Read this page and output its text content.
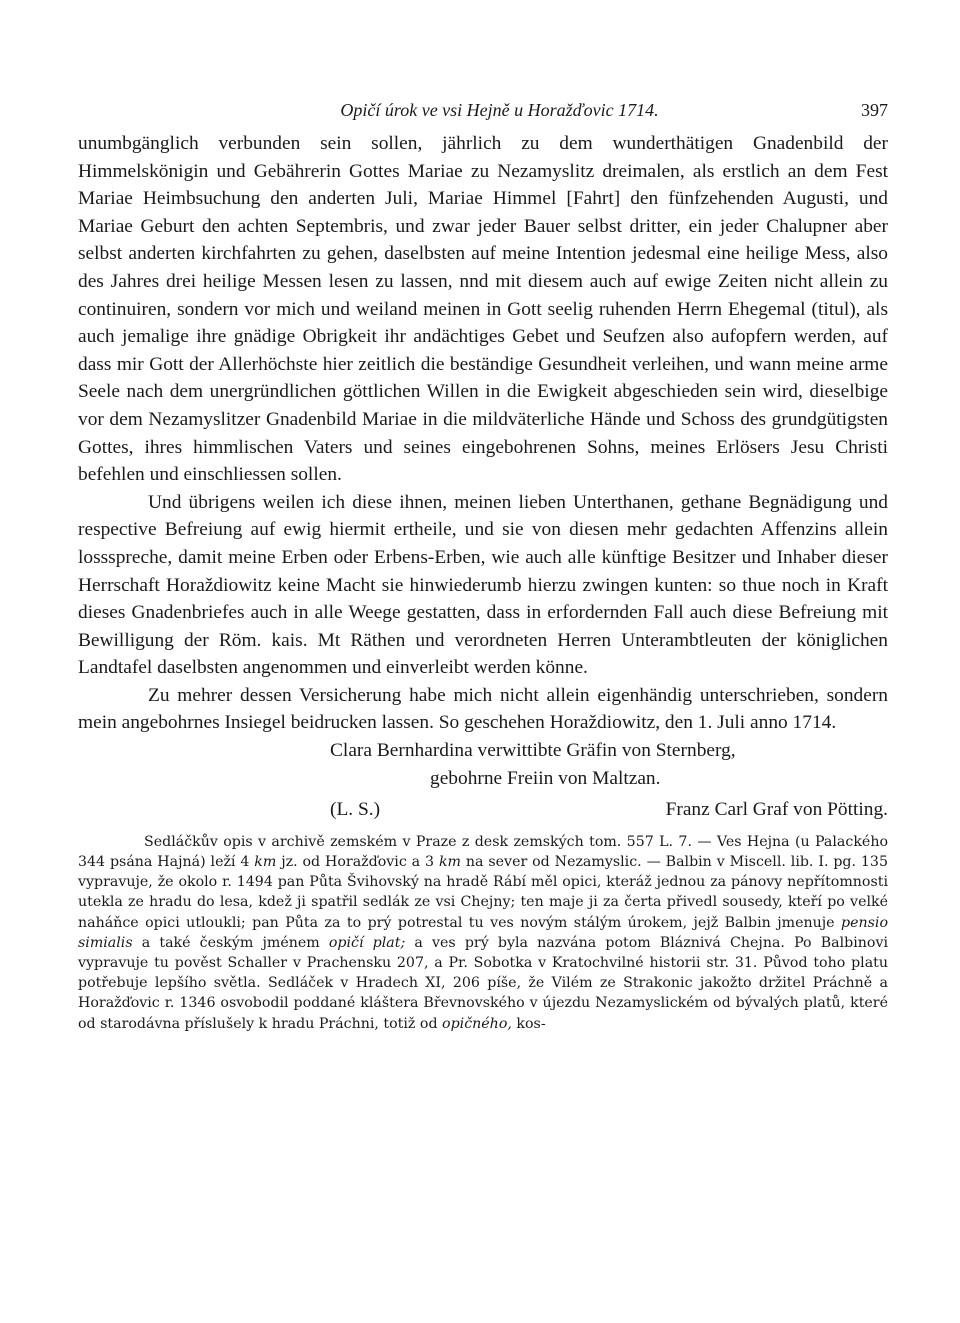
Opičí úrok ve vsi Hejně u Horažďovic 1714.	397

unumbgänglich verbunden sein sollen, jährlich zu dem wunderthätigen Gnadenbild der Himmelskönigin und Gebährerin Gottes Mariae zu Nezamyslitz dreimalen, als erstlich an dem Fest Mariae Heimbsuchung den anderten Juli, Mariae Himmel [Fahrt] den fünfzehenden Augusti, und Mariae Geburt den achten Septembris, und zwar jeder Bauer selbst dritter, ein jeder Chalupner aber selbst anderten kirchfahrten zu gehen, daselbsten auf meine Intention jedesmal eine heilige Mess, also des Jahres drei heilige Messen lesen zu lassen, nnd mit diesem auch auf ewige Zeiten nicht allein zu continuiren, sondern vor mich und weiland meinen in Gott seelig ruhenden Herrn Ehegemal (titul), als auch jemalige ihre gnädige Obrigkeit ihr andächtiges Gebet und Seufzen also aufopfern werden, auf dass mir Gott der Allerhöchste hier zeitlich die beständige Gesundheit verleihen, und wann meine arme Seele nach dem unergründlichen göttlichen Willen in die Ewigkeit abgeschieden sein wird, dieselbige vor dem Nezamyslitzer Gnadenbild Mariae in die mildväterliche Hände und Schoss des grundgütigsten Gottes, ihres himmlischen Vaters und seines eingebohrenen Sohns, meines Erlösers Jesu Christi befehlen und einschliessen sollen.

Und übrigens weilen ich diese ihnen, meinen lieben Unterthanen, gethane Begnädigung und respective Befreiung auf ewig hiermit ertheile, und sie von diesen mehr gedachten Affenzins allein lossspreche, damit meine Erben oder Erbens-Erben, wie auch alle künftige Besitzer und Inhaber dieser Herrschaft Horaždiowitz keine Macht sie hinwiederumb hierzu zwingen kunten: so thue noch in Kraft dieses Gnadenbriefes auch in alle Weege gestatten, dass in erfordernden Fall auch diese Befreiung mit Bewilligung der Röm. kais. Mt Räthen und verordneten Herren Unterambtleuten der königlichen Landtafel daselbsten angenommen und einverleibt werden könne.

Zu mehrer dessen Versicherung habe mich nicht allein eigenhändig unterschrieben, sondern mein angebohrnes Insiegel beidrucken lassen. So geschehen Horaždiowitz, den 1. Juli anno 1714.

Clara Bernhardina verwittibte Gräfin von Sternberg,
gebohrne Freiin von Maltzan.
(L. S.)	Franz Carl Graf von Pötting.

Sedláčkův opis v archivě zemském v Praze z desk zemských tom. 557 L. 7. — Ves Hejna (u Palackého 344 psána Hajná) leží 4 km jz. od Horažďovic a 3 km na sever od Nezamyslic. — Balbin v Miscell. lib. I. pg. 135 vypravuje, že okolo r. 1494 pan Půta Švihovský na hradě Rábí měl opici, kteráž jednou za pánovy nepřítomnosti utekla ze hradu do lesa, kdež ji spatřil sedlák ze vsi Chejny; ten maje ji za čerta přivedl sousedy, kteří po velké naháňce opici utloukli; pan Půta za to prý potrestal tu ves novým stálým úrokem, jejž Balbin jmenuje pensio simialis a také českým jménem opičí plat; a ves prý byla nazvána potom Bláznivá Chejna. Po Balbinovi vypravuje tu pověst Schaller v Prachensku 207, a Pr. Sobotka v Kratochvilné historii str. 31. Původ toho platu potřebuje lepšího světla. Sedláček v Hradech XI, 206 píše, že Vilém ze Strakonic jakožto držitel Práchně a Horažďovic r. 1346 osvobodil poddané kláštera Břevnovského v újezdu Nezamyslickém od bývalých platů, které od starodávna příslušely k hradu Práchni, totiž od opičného, kos-
